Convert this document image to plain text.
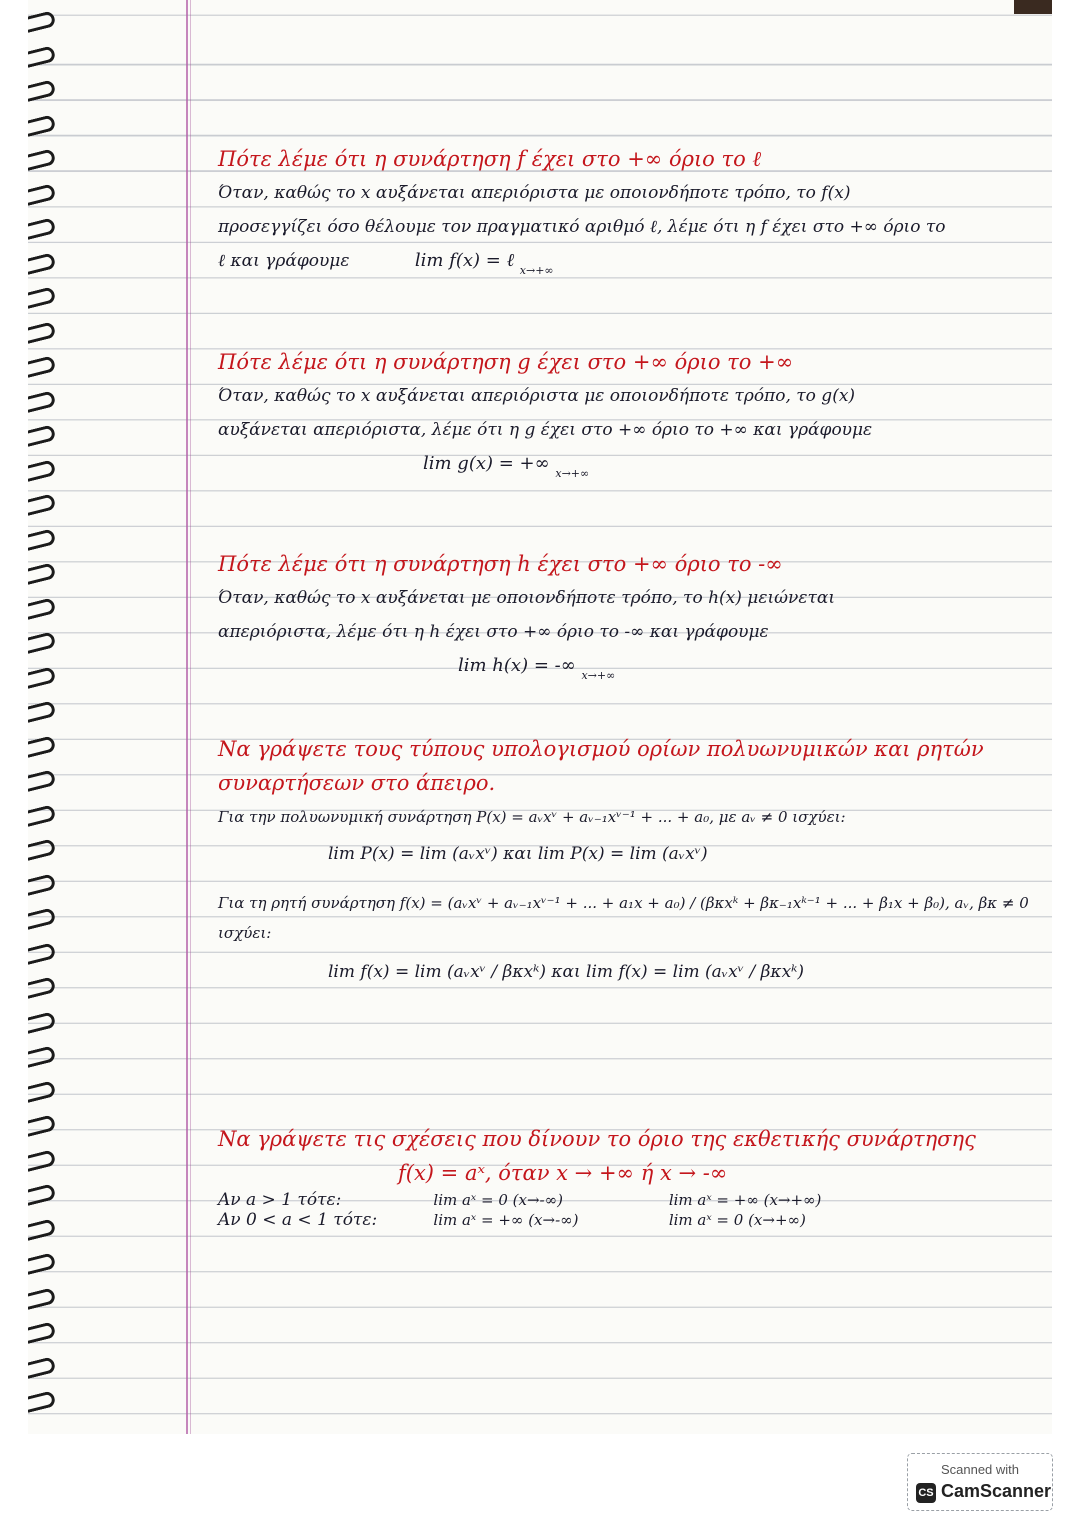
Πότε λέμε ότι η συνάρτηση f έχει στο +∞ όριο το ℓ
Όταν, καθώς το x αυξάνεται απεριόριστα με οποιονδήποτε τρόπο, το f(x)
προσεγγίζει όσο θέλουμε τον πραγματικό αριθμό ℓ, λέμε ότι η f έχει στο +∞ όριο το
ℓ και γράφουμε	lim f(x) = ℓ $_{x\to+\infty}$
Πότε λέμε ότι η συνάρτηση g έχει στο +∞ όριο το +∞
Όταν, καθώς το x αυξάνεται απεριόριστα με οποιονδήποτε τρόπο, το g(x)
αυξάνεται απεριόριστα, λέμε ότι η g έχει στο +∞ όριο το +∞ και γράφουμε
lim g(x) = +∞ $_{x\to+\infty}$
Πότε λέμε ότι η συνάρτηση h έχει στο +∞ όριο το -∞
Όταν, καθώς το x αυξάνεται με οποιονδήποτε τρόπο, το h(x) μειώνεται
απεριόριστα, λέμε ότι η h έχει στο +∞ όριο το -∞ και γράφουμε
lim h(x) = -∞ $_{x\to+\infty}$
Να γράψετε τους τύπους υπολογισμού ορίων πολυωνυμικών και ρητών συναρτήσεων στο άπειρο.
Για την πολυωνυμική συνάρτηση P(x) = aᵥxᵛ + aᵥ₋₁xᵛ⁻¹ + ... + a₀, με aᵥ ≠ 0 ισχύει:
lim P(x) = lim (aᵥxᵛ) και lim P(x) = lim (aᵥxᵛ)
Για τη ρητή συνάρτηση f(x) = (aᵥxᵛ + aᵥ₋₁xᵛ⁻¹ + ... + a₁x + a₀) / (βκxᵏ + βκ₋₁xᵏ⁻¹ + ... + β₁x + β₀), aᵥ, βκ ≠ 0 ισχύει:
lim f(x) = lim (aᵥxᵛ / βκxᵏ) και lim f(x) = lim (aᵥxᵛ / βκxᵏ)
Να γράψετε τις σχέσεις που δίνουν το όριο της εκθετικής συνάρτησης
f(x) = aˣ, όταν x → +∞ ή x → -∞
Αν a > 1 τότε:	lim aˣ = 0 (x→-∞)	lim aˣ = +∞ (x→+∞)
Αν 0 < a < 1 τότε:	lim aˣ = +∞ (x→-∞)	lim aˣ = 0 (x→+∞)
Scanned with
CS CamScanner
